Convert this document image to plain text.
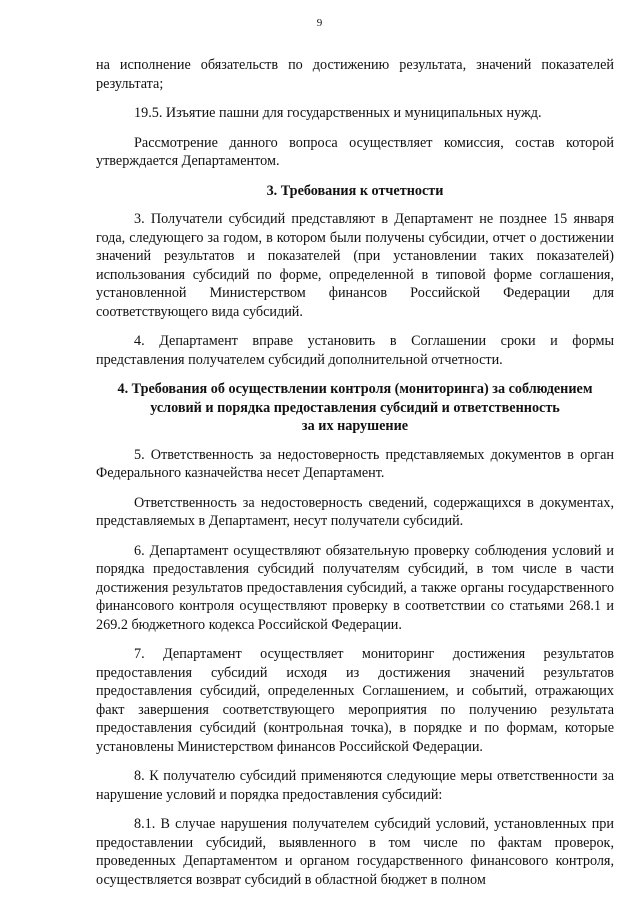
9

на исполнение обязательств по достижению результата, значений показателей результата;

19.5. Изъятие пашни для государственных и муниципальных нужд.

Рассмотрение данного вопроса осуществляет комиссия, состав которой утверждается Департаментом.

3. Требования к отчетности

3. Получатели субсидий представляют в Департамент не позднее 15 января года, следующего за годом, в котором были получены субсидии, отчет о достижении значений результатов и показателей (при установлении таких показателей) использования субсидий по форме, определенной в типовой форме соглашения, установленной Министерством финансов Российской Федерации для соответствующего вида субсидий.

4. Департамент вправе установить в Соглашении сроки и формы представления получателем субсидий дополнительной отчетности.

4. Требования об осуществлении контроля (мониторинга) за соблюдением
условий и порядка предоставления субсидий и ответственность
за их нарушение

5. Ответственность за недостоверность представляемых документов в орган Федерального казначейства несет Департамент.

Ответственность за недостоверность сведений, содержащихся в документах, представляемых в Департамент, несут получатели субсидий.

6. Департамент осуществляют обязательную проверку соблюдения условий и порядка предоставления субсидий получателям субсидий, в том числе в части достижения результатов предоставления субсидий, а также органы государственного финансового контроля осуществляют проверку в соответствии со статьями 268.1 и 269.2 бюджетного кодекса Российской Федерации.

7. Департамент осуществляет мониторинг достижения результатов предоставления субсидий исходя из достижения значений результатов предоставления субсидий, определенных Соглашением, и событий, отражающих факт завершения соответствующего мероприятия по получению результата предоставления субсидий (контрольная точка), в порядке и по формам, которые установлены Министерством финансов Российской Федерации.

8. К получателю субсидий применяются следующие меры ответственности за нарушение условий и порядка предоставления субсидий:

8.1. В случае нарушения получателем субсидий условий, установленных при предоставлении субсидий, выявленного в том числе по фактам проверок, проведенных Департаментом и органом государственного финансового контроля, осуществляется возврат субсидий в областной бюджет в полном
